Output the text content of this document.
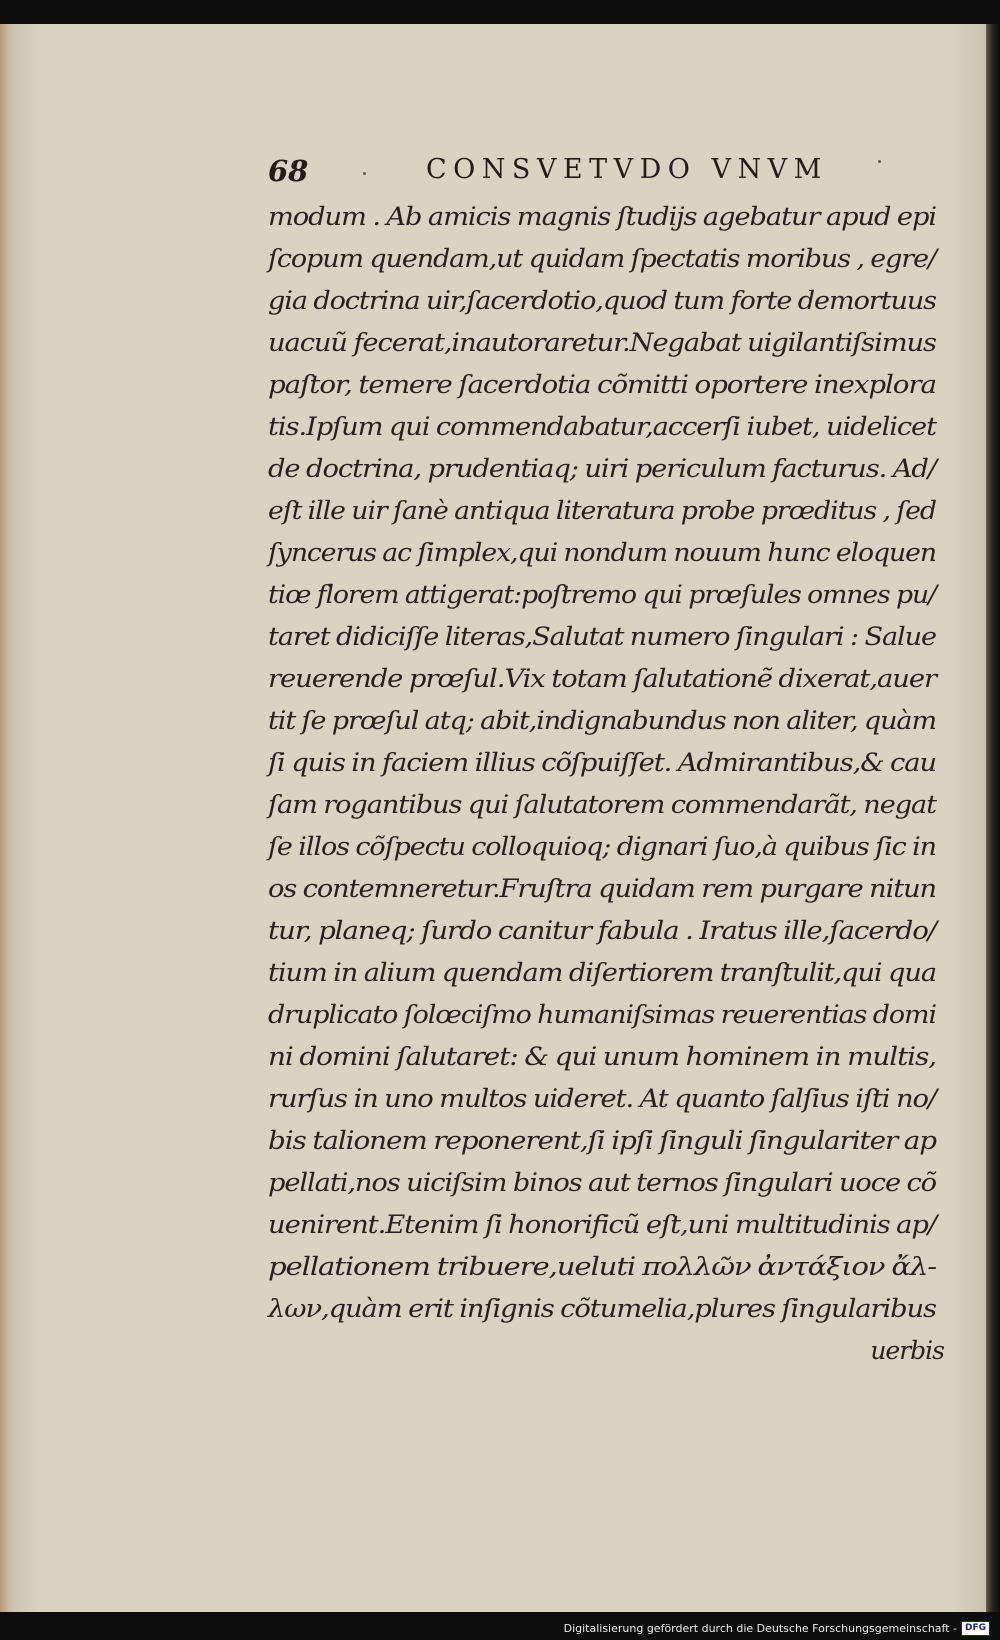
68	CONSVETVDO VNVM
modum . Ab amicis magnis ſtudijs agebatur apud epi
ſcopum quendam,ut quidam ſpectatis moribus , egre/
gia doctrina uir,ſacerdotio,quod tum forte demortuus
uacuũ fecerat,inautoraretur.Negabat uigilantiſsimus
paſtor, temere ſacerdotia cõmitti oportere inexplora
tis.Ipſum qui commendabatur,accerſi iubet, uidelicet
de doctrina, prudentiaq; uiri periculum facturus. Ad/
eſt ille uir ſanè antiqua literatura probe prœditus , ſed
ſyncerus ac ſimplex,qui nondum nouum hunc eloquen
tiœ florem attigerat:poſtremo qui prœſules omnes pu/
taret didiciſſe literas,Salutat numero ſingulari : Salue
reuerende prœſul.Vix totam ſalutationẽ dixerat,auer
tit ſe prœſul atq; abit,indignabundus non aliter, quàm
ſi quis in faciem illius cõſpuiſſet. Admirantibus,& cau
ſam rogantibus qui ſalutatorem commendarãt, negat
ſe illos cõſpectu colloquioq; dignari ſuo,à quibus ſic in
os contemneretur.Fruſtra quidam rem purgare nitun
tur, planeq; ſurdo canitur fabula . Iratus ille,ſacerdo/
tium in alium quendam diſertiorem tranſtulit,qui qua
druplicato ſolœciſmo humaniſsimas reuerentias domi
ni domini ſalutaret: & qui unum hominem in multis,
rurſus in uno multos uideret. At quanto ſalſius iſti no/
bis talionem reponerent,ſi ipſi ſinguli ſingulariter ap
pellati,nos uiciſsim binos aut ternos ſingulari uoce cõ
uenirent.Etenim ſi honorificũ eſt,uni multitudinis ap/
pellationem tribuere,ueluti πολλῶν ἀντάξιον ἄλ-
λων,quàm erit inſignis cõtumelia,plures ſingularibus
uerbis
Digitalisierung gefördert durch die Deutsche Forschungsgemeinschaft - DFG
